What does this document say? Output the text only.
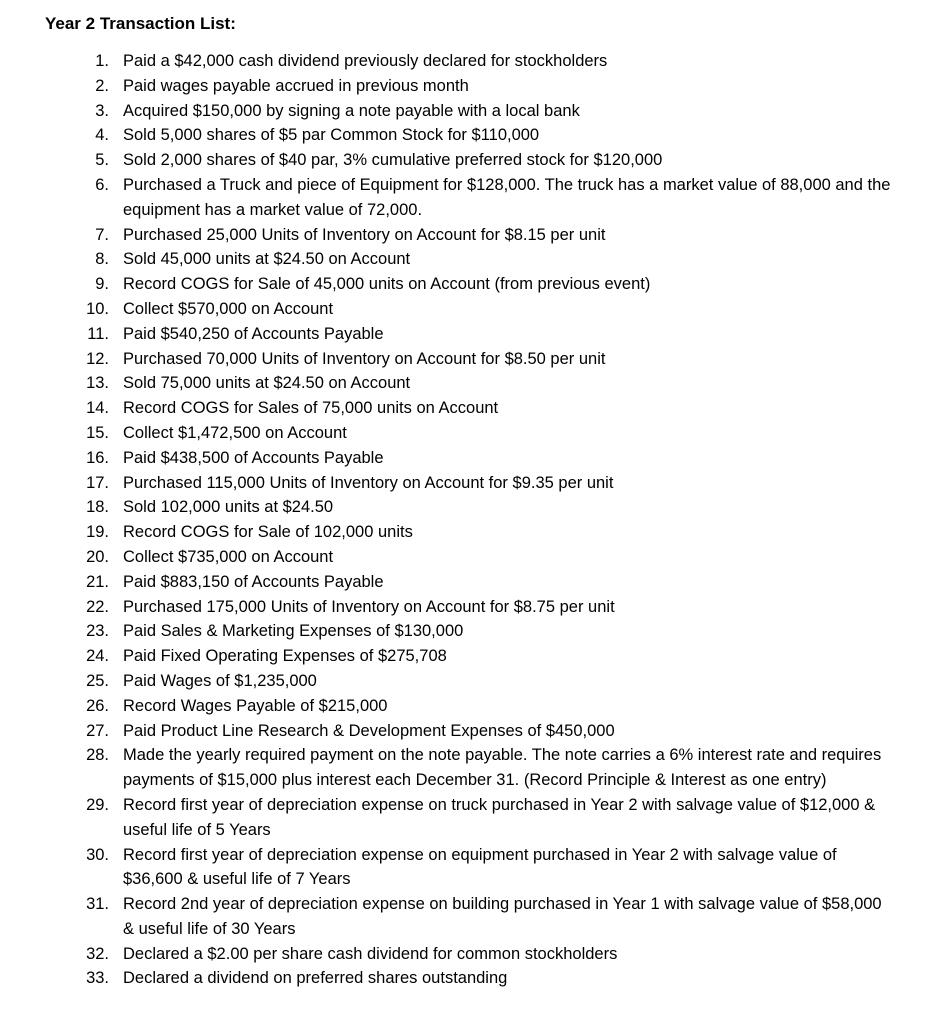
Year 2 Transaction List:
1. Paid a $42,000 cash dividend previously declared for stockholders
2. Paid wages payable accrued in previous month
3. Acquired $150,000 by signing a note payable with a local bank
4. Sold 5,000 shares of $5 par Common Stock for $110,000
5. Sold 2,000 shares of $40 par, 3% cumulative preferred stock for $120,000
6. Purchased a Truck and piece of Equipment for $128,000. The truck has a market value of 88,000 and the equipment has a market value of 72,000.
7. Purchased 25,000 Units of Inventory on Account for $8.15 per unit
8. Sold 45,000 units at $24.50 on Account
9. Record COGS for Sale of 45,000 units on Account (from previous event)
10. Collect $570,000 on Account
11. Paid $540,250 of Accounts Payable
12. Purchased 70,000 Units of Inventory on Account for $8.50 per unit
13. Sold 75,000 units at $24.50 on Account
14. Record COGS for Sales of 75,000 units on Account
15. Collect $1,472,500 on Account
16. Paid $438,500 of Accounts Payable
17. Purchased 115,000 Units of Inventory on Account for $9.35 per unit
18. Sold 102,000 units at $24.50
19. Record COGS for Sale of 102,000 units
20. Collect $735,000 on Account
21. Paid $883,150 of Accounts Payable
22. Purchased 175,000 Units of Inventory on Account for $8.75 per unit
23. Paid Sales & Marketing Expenses of $130,000
24. Paid Fixed Operating Expenses of $275,708
25. Paid Wages of $1,235,000
26. Record Wages Payable of $215,000
27. Paid Product Line Research & Development Expenses of $450,000
28. Made the yearly required payment on the note payable. The note carries a 6% interest rate and requires payments of $15,000 plus interest each December 31. (Record Principle & Interest as one entry)
29. Record first year of depreciation expense on truck purchased in Year 2 with salvage value of $12,000 & useful life of 5 Years
30. Record first year of depreciation expense on equipment purchased in Year 2 with salvage value of $36,600 & useful life of 7 Years
31. Record 2nd year of depreciation expense on building purchased in Year 1 with salvage value of $58,000 & useful life of 30 Years
32. Declared a $2.00 per share cash dividend for common stockholders
33. Declared a dividend on preferred shares outstanding
